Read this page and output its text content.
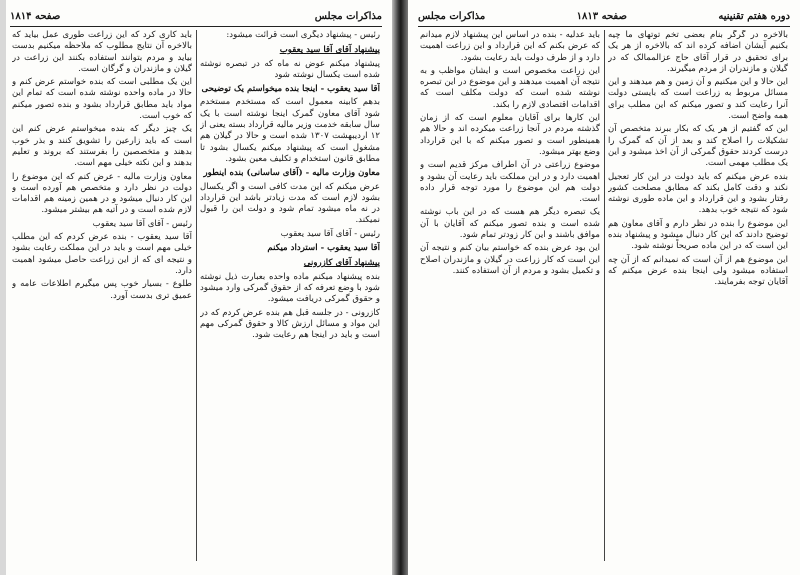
مذاکرات مجلس
صفحه ۱۸۱۴

رئیس - پیشنهاد دیگری است قرائت میشود:

پیشنهاد آقای آقا سید یعقوب

پیشنهاد میکنم عوض نه ماه که در تبصره نوشته شده است یکسال نوشته شود

آقا سید یعقوب - اینجا بنده میخواستم یک توضیحی

بدهم کابینه معمول است که مستخدم مستخدم شود آقای معاون گمرک اینجا نوشته است با یک سال سابقه خدمت وزیر مالیه قرارداد بسته یعنی از ۱۲ اردیبهشت ۱۳۰۷ شده است و حالا در گیلان هم مشغول است که پیشنهاد میکنم یکسال بشود تا مطابق قانون استخدام و تکلیف معین بشود.

معاون وزارت مالیه - (آقای ساسانی) بنده اینطور

عرض میکنم که این مدت کافی است و اگر یکسال بشود لازم است که مدت زیادتر باشد این قرارداد در نه ماه میشود تمام شود و دولت این را قبول نمیکند.

رئیس - آقای آقا سید یعقوب

آقا سید یعقوب - استرداد میکنم

پیشنهاد آقای کازرونی

بنده پیشنهاد میکنم ماده واحده بعبارت ذیل نوشته شود با وضع تعرفه که از حقوق گمرکی وارد میشود و حقوق گمرکی دریافت میشود.

کازرونی - در جلسه قبل هم بنده عرض کردم که در این مواد و مسائل ارزش کالا و حقوق گمرکی مهم است و باید در اینجا هم رعایت شود.

باید کاری کرد که این زراعت طوری عمل بیاید که بالاخره آن نتایج مطلوب که ملاحظه میکنیم بدست بیاید و مردم بتوانند استفاده بکنند این زراعت در گیلان و مازندران و گرگان است.

این یک مطلبی است که بنده خواستم عرض کنم و حالا در ماده واحده نوشته شده است که تمام این مواد باید مطابق قرارداد بشود و بنده تصور میکنم که خوب است.

یک چیز دیگر که بنده میخواستم عرض کنم این است که باید زارعین را تشویق کنند و بذر خوب بدهند و متخصصین را بفرستند که بروند و تعلیم بدهند و این نکته خیلی مهم است.

معاون وزارت مالیه - عرض کنم که این موضوع را دولت در نظر دارد و متخصص هم آورده است و این کار دنبال میشود و در همین زمینه هم اقدامات لازم شده است و در آتیه هم بیشتر میشود.

رئیس - آقای آقا سید یعقوب

آقا سید یعقوب - بنده عرض کردم که این مطلب خیلی مهم است و باید در این مملکت رعایت بشود و نتیجه ای که از این زراعت حاصل میشود اهمیت دارد.

طلوع - بسیار خوب پس میگیرم اطلاعات عامه و عمیق تری بدست آورد.

دوره هفتم تقنینیه
صفحه ۱۸۱۳
مذاکرات مجلس

بالاخره در گرگر بنام بعضی تخم توتهای ما چیه بکنیم آیشان اضافه کرده اند که بالاخره از هر یک برای تحقیق در قرار آقای حاج عزالممالک که در گیلان و مازندران از مردم میگیرند.

این حالا و این میکنیم و آن زمین و هم میدهند و این مسائل مربوط به زراعت است که بایستی دولت آنرا رعایت کند و تصور میکنم که این مطلب برای همه واضح است.

این که گفتیم از هر یک که بکار ببرند متخصص آن تشکیلات را اصلاح کند و بعد از آن که گمرک را درست کردند حقوق گمرکی از آن اخذ میشود و این یک مطلب مهمی است.

بنده عرض میکنم که باید دولت در این کار تعجیل نکند و دقت کامل بکند که مطابق مصلحت کشور رفتار بشود و این قرارداد و این ماده طوری نوشته شود که نتیجه خوب بدهد.

این موضوع را بنده در نظر دارم و آقای معاون هم توضیح دادند که این کار دنبال میشود و پیشنهاد بنده این است که در این ماده صریحاً نوشته شود.

این موضوع هم از آن است که نمیدانم که از آن چه استفاده میشود ولی اینجا بنده عرض میکنم که آقایان توجه بفرمایند.

باید عدلیه - بنده در اساس این پیشنهاد لازم میدانم که عرض بکنم که این قرارداد و این زراعت اهمیت دارد و از طرف دولت باید رعایت بشود.

این زراعت مخصوص است و ایشان مواظب و به نتیجه آن اهمیت میدهند و این موضوع در این تبصره نوشته شده است که دولت مکلف است که اقدامات اقتصادی لازم را بکند.

این کارها برای آقایان معلوم است که از زمان گذشته مردم در آنجا زراعت میکرده اند و حالا هم همینطور است و تصور میکنم که با این قرارداد وضع بهتر میشود.

موضوع زراعتی در آن اطراف مرکز قدیم است و اهمیت دارد و در این مملکت باید رعایت آن بشود و دولت هم این موضوع را مورد توجه قرار داده است.

یک تبصره دیگر هم هست که در این باب نوشته شده است و بنده تصور میکنم که آقایان با آن موافق باشند و این کار زودتر تمام شود.

این بود عرض بنده که خواستم بیان کنم و نتیجه آن این است که کار زراعت در گیلان و مازندران اصلاح و تکمیل بشود و مردم از آن استفاده کنند.
